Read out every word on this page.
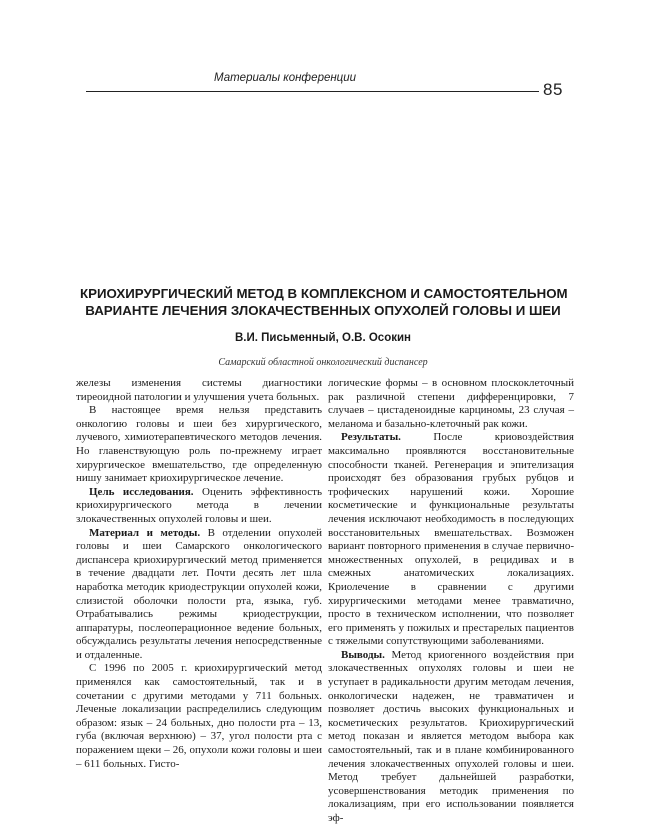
Материалы конференции
85
КРИОХИРУРГИЧЕСКИЙ МЕТОД В КОМПЛЕКСНОМ И САМОСТОЯТЕЛЬНОМ
ВАРИАНТЕ ЛЕЧЕНИЯ ЗЛОКАЧЕСТВЕННЫХ ОПУХОЛЕЙ ГОЛОВЫ И ШЕИ
В.И. Письменный, О.В. Осокин
Самарский областной онкологический диспансер

железы изменения системы диагностики тиреоидной патологии и улучшения учета больных.

В настоящее время нельзя представить онкологию головы и шеи без хирургического, лучевого, химиотерапевтического методов лечения. Но главенствующую роль по-прежнему играет хирургическое вмешательство, где определенную нишу занимает криохирургическое лечение.

Цель исследования. Оценить эффективность криохирургического метода в лечении злокачественных опухолей головы и шеи.

Материал и методы. В отделении опухолей головы и шеи Самарского онкологического диспансера криохирургический метод применяется в течение двадцати лет. Почти десять лет шла наработка методик криодеструкции опухолей кожи, слизистой оболочки полости рта, языка, губ. Отрабатывались режимы криодеструкции, аппаратуры, послеоперационное ведение больных, обсуждались результаты лечения непосредственные и отдаленные.

С 1996 по 2005 г. криохирургический метод применялся как самостоятельный, так и в сочетании с другими методами у 711 больных. Леченые локализации распределились следующим образом: язык – 24 больных, дно полости рта – 13, губа (включая верхнюю) – 37, угол полости рта с поражением щеки – 26, опухоли кожи головы и шеи – 611 больных. Гисто-

логические формы – в основном плоскоклеточный рак различной степени дифференцировки, 7 случаев – цистаденоидные карциномы, 23 случая – меланома и базально-клеточный рак кожи.

Результаты. После криовоздействия максимально проявляются восстановительные способности тканей. Регенерация и эпителизация происходят без образования грубых рубцов и трофических нарушений кожи. Хорошие косметические и функциональные результаты лечения исключают необходимость в последующих восстановительных вмешательствах. Возможен вариант повторного применения в случае первично-множественных опухолей, в рецидивах и в смежных анатомических локализациях. Криолечение в сравнении с другими хирургическими методами менее травматично, просто в техническом исполнении, что позволяет его применять у пожилых и престарелых пациентов с тяжелыми сопутствующими заболеваниями.

Выводы. Метод криогенного воздействия при злокачественных опухолях головы и шеи не уступает в радикальности другим методам лечения, онкологически надежен, не травматичен и позволяет достичь высоких функциональных и косметических результатов. Криохирургический метод показан и является методом выбора как самостоятельный, так и в плане комбинированного лечения злокачественных опухолей головы и шеи. Метод требует дальнейшей разработки, усовершенствования методик применения по локализациям, при его использовании появляется эф-
